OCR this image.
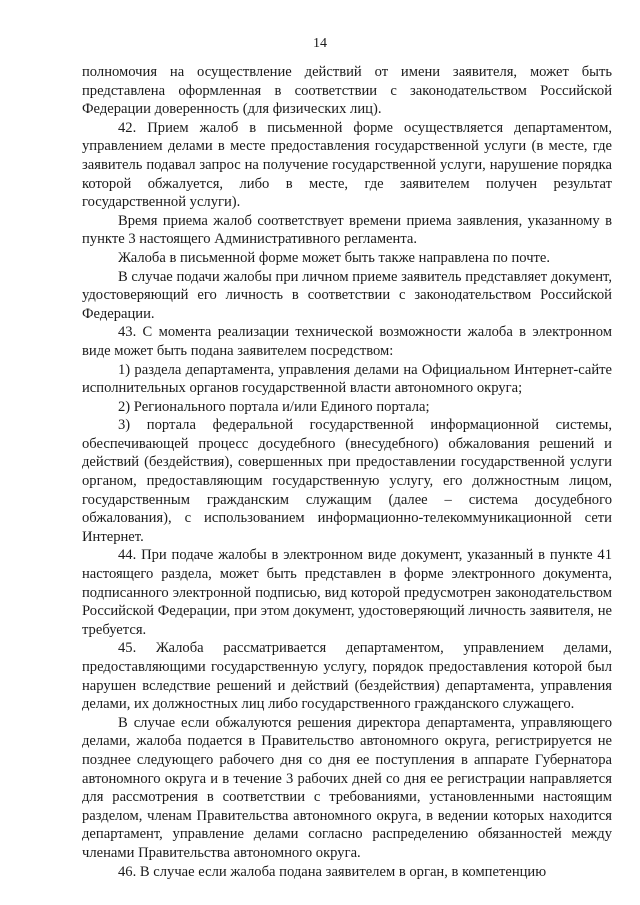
14

полномочия на осуществление действий от имени заявителя, может быть представлена оформленная в соответствии с законодательством Российской Федерации доверенность (для физических лиц).

42. Прием жалоб в письменной форме осуществляется департаментом, управлением делами в месте предоставления государственной услуги (в месте, где заявитель подавал запрос на получение государственной услуги, нарушение порядка которой обжалуется, либо в месте, где заявителем получен результат государственной услуги).

Время приема жалоб соответствует времени приема заявления, указанному в пункте 3 настоящего Административного регламента.

Жалоба в письменной форме может быть также направлена по почте.

В случае подачи жалобы при личном приеме заявитель представляет документ, удостоверяющий его личность в соответствии с законодательством Российской Федерации.

43. С момента реализации технической возможности жалоба в электронном виде может быть подана заявителем посредством:

1) раздела департамента, управления делами на Официальном Интернет-сайте исполнительных органов государственной власти автономного округа;

2) Регионального портала и/или Единого портала;

3) портала федеральной государственной информационной системы, обеспечивающей процесс досудебного (внесудебного) обжалования решений и действий (бездействия), совершенных при предоставлении государственной услуги органом, предоставляющим государственную услугу, его должностным лицом, государственным гражданским служащим (далее – система досудебного обжалования), с использованием информационно-телекоммуникационной сети Интернет.

44. При подаче жалобы в электронном виде документ, указанный в пункте 41 настоящего раздела, может быть представлен в форме электронного документа, подписанного электронной подписью, вид которой предусмотрен законодательством Российской Федерации, при этом документ, удостоверяющий личность заявителя, не требуется.

45. Жалоба рассматривается департаментом, управлением делами, предоставляющими государственную услугу, порядок предоставления которой был нарушен вследствие решений и действий (бездействия) департамента, управления делами, их должностных лиц либо государственного гражданского служащего.

В случае если обжалуются решения директора департамента, управляющего делами, жалоба подается в Правительство автономного округа, регистрируется не позднее следующего рабочего дня со дня ее поступления в аппарате Губернатора автономного округа и в течение 3 рабочих дней со дня ее регистрации направляется для рассмотрения в соответствии с требованиями, установленными настоящим разделом, членам Правительства автономного округа, в ведении которых находится департамент, управление делами согласно распределению обязанностей между членами Правительства автономного округа.

46. В случае если жалоба подана заявителем в орган, в компетенцию
